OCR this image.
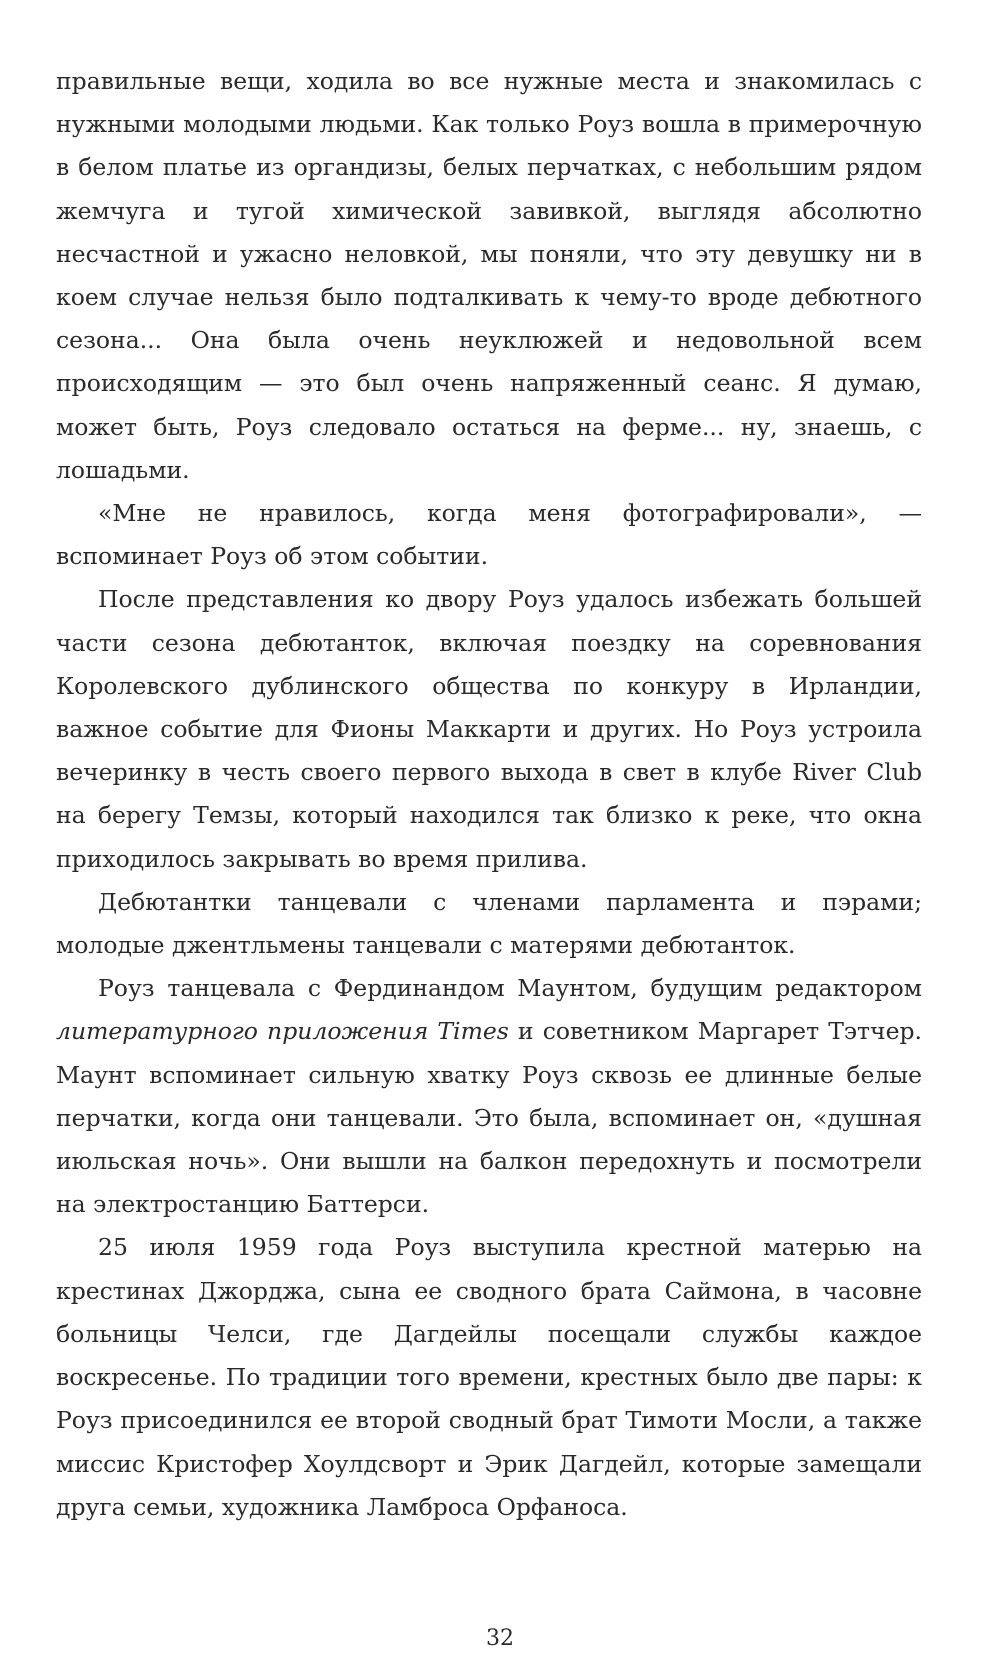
правильные вещи, ходила во все нужные места и знакомилась с нужными молодыми людьми. Как только Роуз вошла в примерочную в белом платье из органдизы, белых перчатках, с небольшим рядом жемчуга и тугой химической завивкой, выглядя абсолютно несчастной и ужасно неловкой, мы поняли, что эту девушку ни в коем случае нельзя было подталкивать к чему-то вроде дебютного сезона... Она была очень неуклюжей и недовольной всем происходящим — это был очень напряженный сеанс. Я думаю, может быть, Роуз следовало остаться на ферме... ну, знаешь, с лошадьми.

«Мне не нравилось, когда меня фотографировали», — вспоминает Роуз об этом событии.

После представления ко двору Роуз удалось избежать большей части сезона дебютанток, включая поездку на соревнования Королевского дублинского общества по конкуру в Ирландии, важное событие для Фионы Маккарти и других. Но Роуз устроила вечеринку в честь своего первого выхода в свет в клубе River Club на берегу Темзы, который находился так близко к реке, что окна приходилось закрывать во время прилива.

Дебютантки танцевали с членами парламента и пэрами; молодые джентльмены танцевали с матерями дебютанток.

Роуз танцевала с Фердинандом Маунтом, будущим редактором литературного приложения Times и советником Маргарет Тэтчер. Маунт вспоминает сильную хватку Роуз сквозь ее длинные белые перчатки, когда они танцевали. Это была, вспоминает он, «душная июльская ночь». Они вышли на балкон передохнуть и посмотрели на электростанцию Баттерси.

25 июля 1959 года Роуз выступила крестной матерью на крестинах Джорджа, сына ее сводного брата Саймона, в часовне больницы Челси, где Дагдейлы посещали службы каждое воскресенье. По традиции того времени, крестных было две пары: к Роуз присоединился ее второй сводный брат Тимоти Мосли, а также миссис Кристофер Хоулдсворт и Эрик Дагдейл, которые замещали друга семьи, художника Ламброса Орфаноса.

32
